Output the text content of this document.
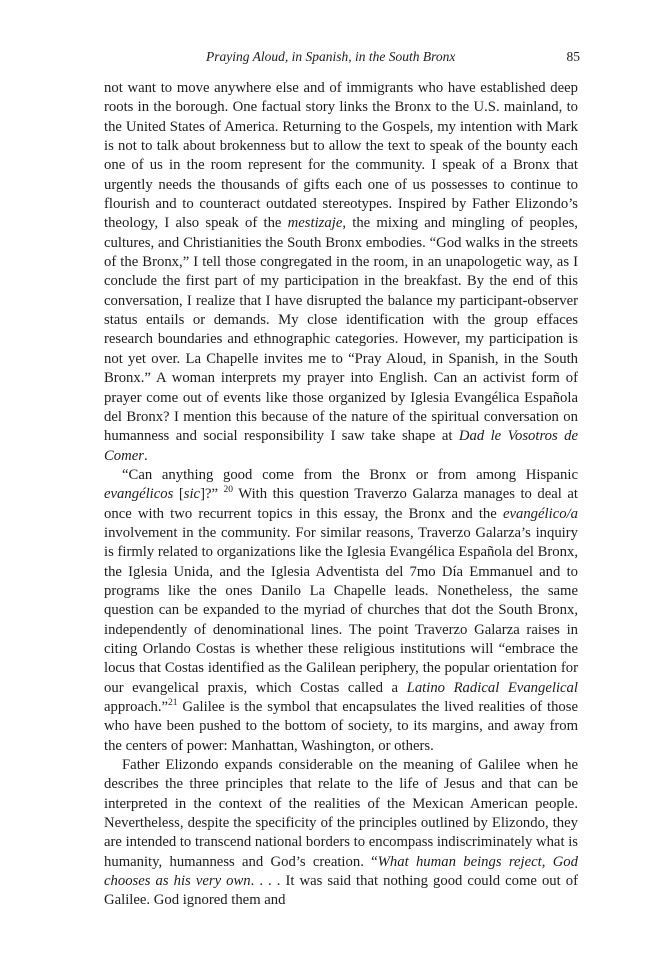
Praying Aloud, in Spanish, in the South Bronx	85

not want to move anywhere else and of immigrants who have established deep roots in the borough. One factual story links the Bronx to the U.S. mainland, to the United States of America. Returning to the Gospels, my intention with Mark is not to talk about brokenness but to allow the text to speak of the bounty each one of us in the room represent for the community. I speak of a Bronx that urgently needs the thousands of gifts each one of us possesses to continue to flourish and to counteract outdated stereotypes. Inspired by Father Elizondo’s theology, I also speak of the mestizaje, the mixing and mingling of peoples, cultures, and Christianities the South Bronx embodies. “God walks in the streets of the Bronx,” I tell those congregated in the room, in an unapologetic way, as I conclude the first part of my participation in the breakfast. By the end of this conversation, I realize that I have disrupted the balance my participant-observer status entails or demands. My close identification with the group effaces research boundaries and ethnographic categories. However, my participation is not yet over. La Chapelle invites me to “Pray Aloud, in Spanish, in the South Bronx.” A woman interprets my prayer into English. Can an activist form of prayer come out of events like those organized by Iglesia Evangélica Española del Bronx? I mention this because of the nature of the spiritual conversation on humanness and social responsibility I saw take shape at Dad le Vosotros de Comer.

“Can anything good come from the Bronx or from among Hispanic evangélicos [sic]?” $^{20}$ With this question Traverzo Galarza manages to deal at once with two recurrent topics in this essay, the Bronx and the evangélico/a involvement in the community. For similar reasons, Traverzo Galarza’s inquiry is firmly related to organizations like the Iglesia Evangélica Española del Bronx, the Iglesia Unida, and the Iglesia Adventista del 7mo Día Emmanuel and to programs like the ones Danilo La Chapelle leads. Nonetheless, the same question can be expanded to the myriad of churches that dot the South Bronx, independently of denominational lines. The point Traverzo Galarza raises in citing Orlando Costas is whether these religious institutions will “embrace the locus that Costas identified as the Galilean periphery, the popular orientation for our evangelical praxis, which Costas called a Latino Radical Evangelical approach.”$^{21}$ Galilee is the symbol that encapsulates the lived realities of those who have been pushed to the bottom of society, to its margins, and away from the centers of power: Manhattan, Washington, or others.

Father Elizondo expands considerable on the meaning of Galilee when he describes the three principles that relate to the life of Jesus and that can be interpreted in the context of the realities of the Mexican American people. Nevertheless, despite the specificity of the principles outlined by Elizondo, they are intended to transcend national borders to encompass indiscriminately what is humanity, humanness and God’s creation. “What human beings reject, God chooses as his very own. . . . It was said that nothing good could come out of Galilee. God ignored them and
